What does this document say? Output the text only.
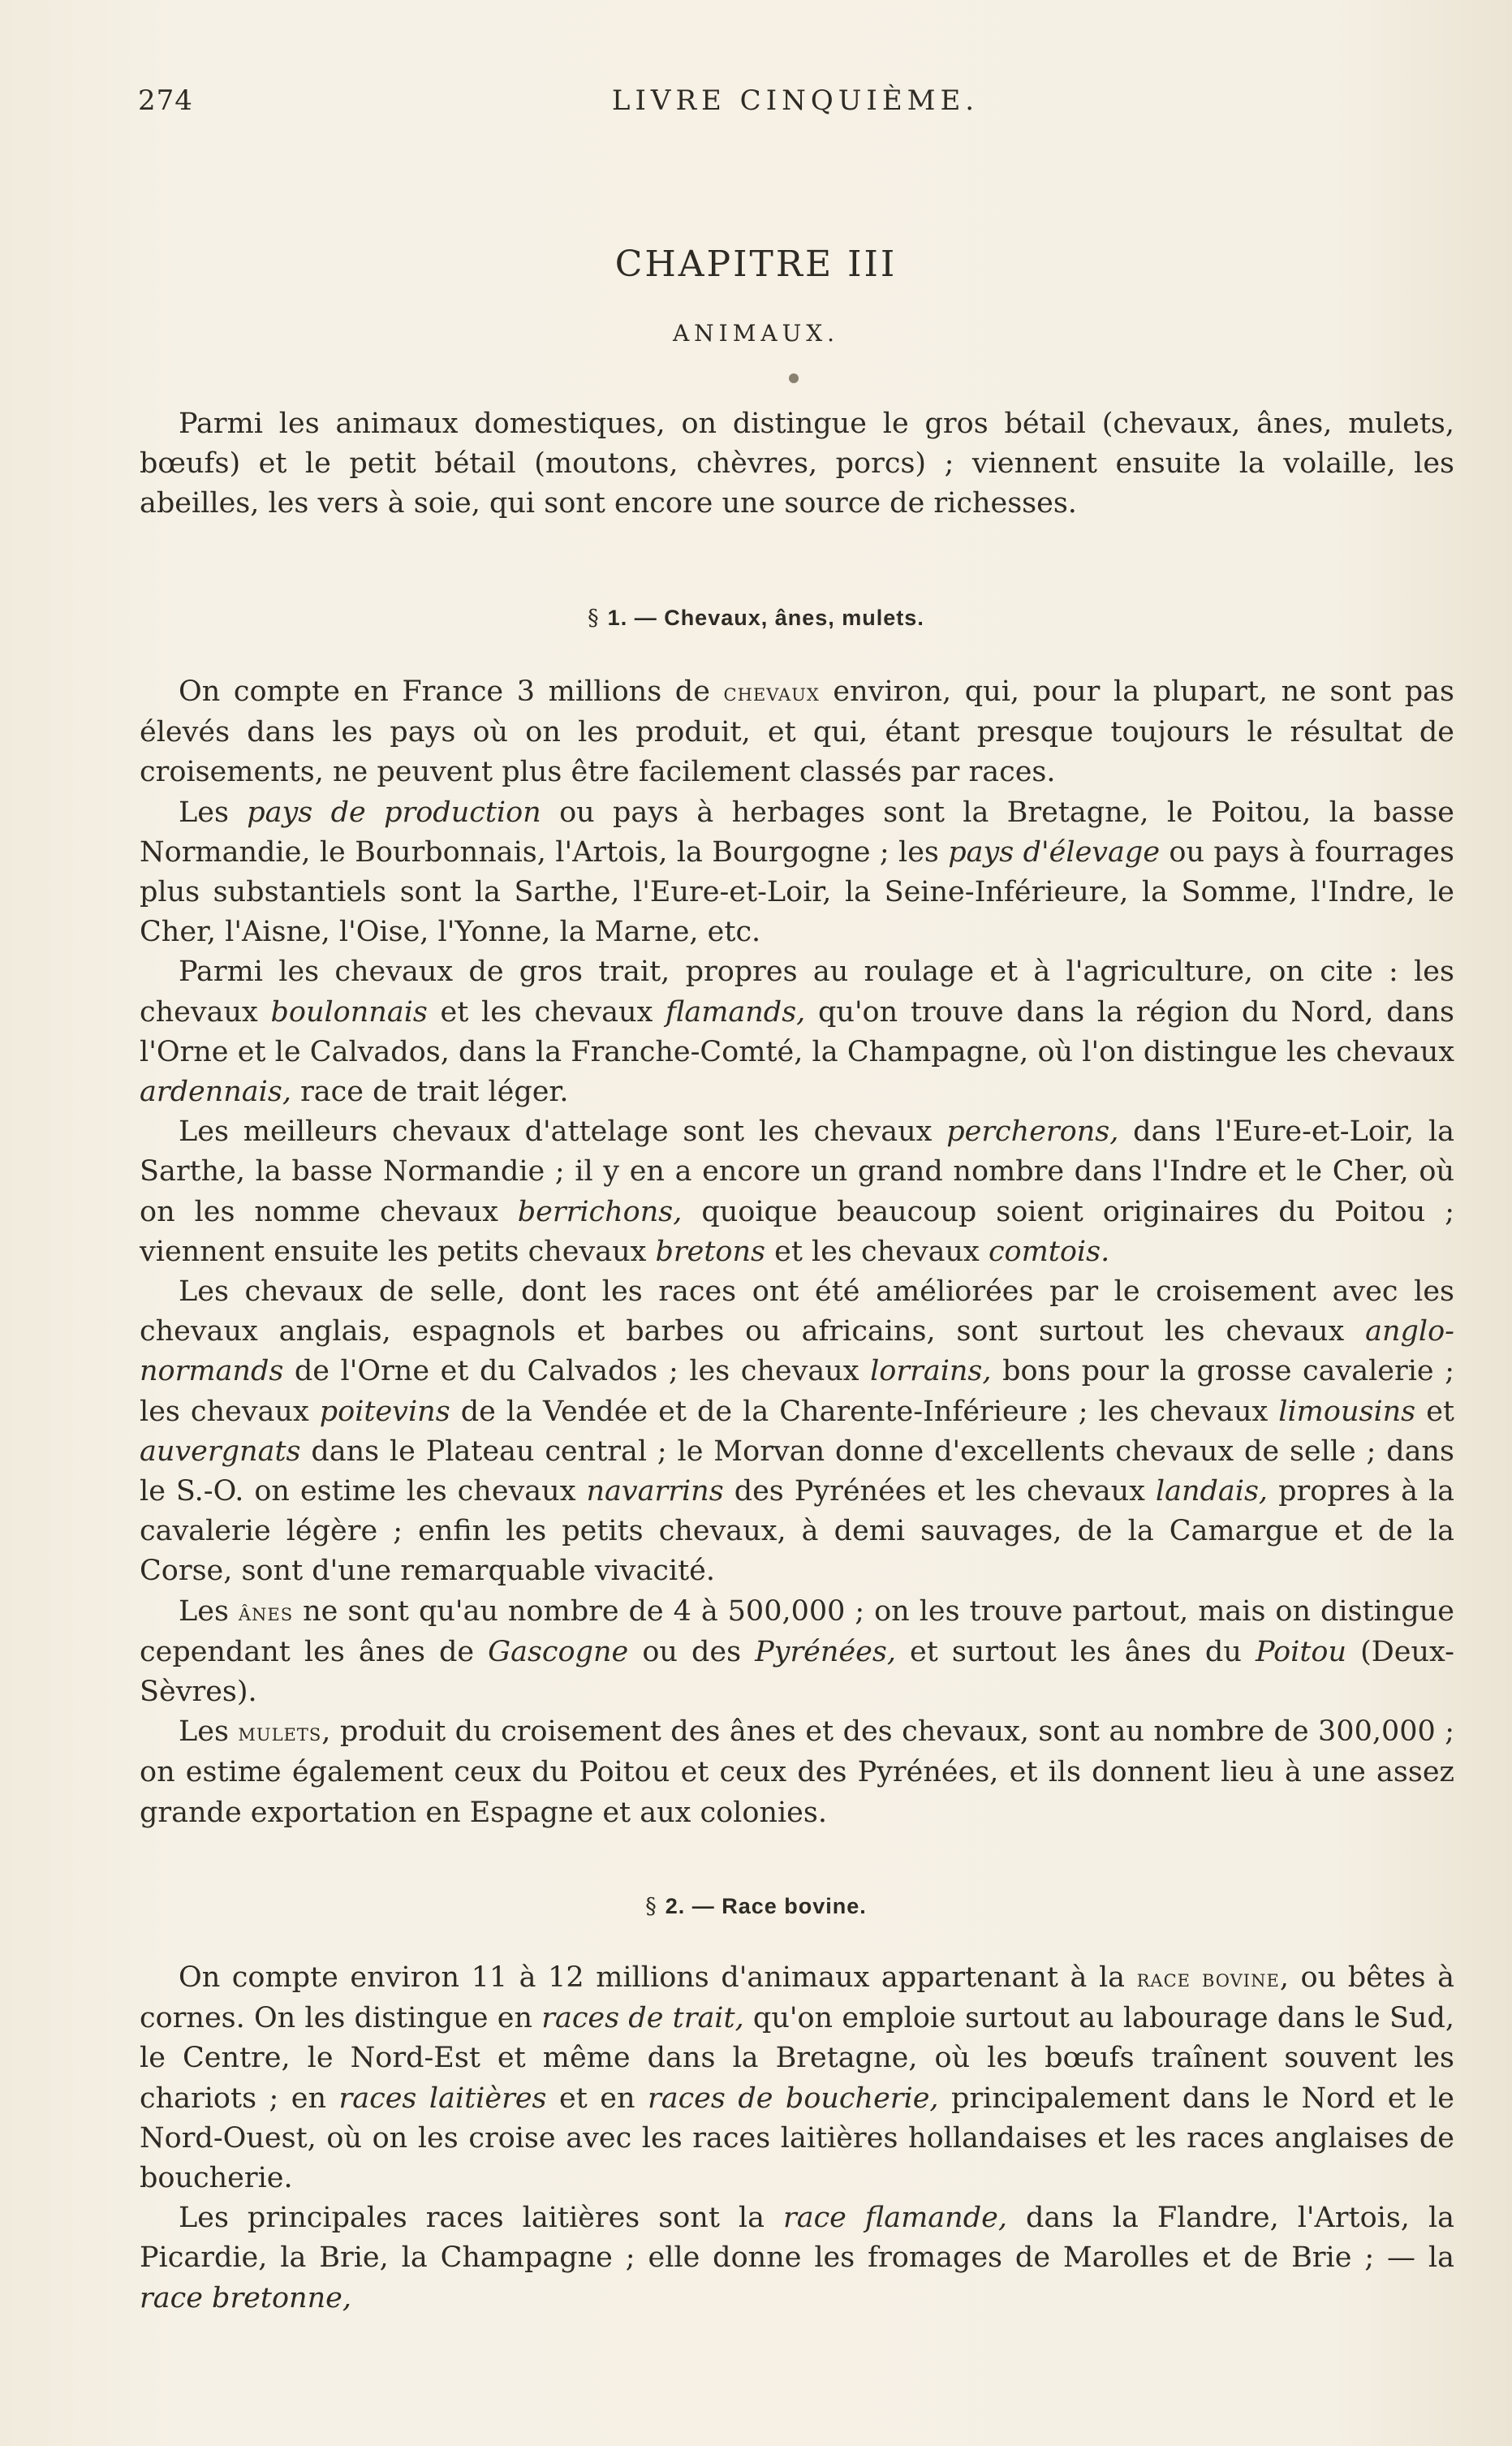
274	LIVRE CINQUIÈME.
CHAPITRE III
ANIMAUX.

Parmi les animaux domestiques, on distingue le gros bétail (chevaux, ânes, mulets, bœufs) et le petit bétail (moutons, chèvres, porcs) ; viennent ensuite la volaille, les abeilles, les vers à soie, qui sont encore une source de richesses.

§ 1. — Chevaux, ânes, mulets.

On compte en France 3 millions de chevaux environ, qui, pour la plupart, ne sont pas élevés dans les pays où on les produit, et qui, étant presque toujours le résultat de croisements, ne peuvent plus être facilement classés par races.

Les pays de production ou pays à herbages sont la Bretagne, le Poitou, la basse Normandie, le Bourbonnais, l'Artois, la Bourgogne ; les pays d'élevage ou pays à fourrages plus substantiels sont la Sarthe, l'Eure-et-Loir, la Seine-Inférieure, la Somme, l'Indre, le Cher, l'Aisne, l'Oise, l'Yonne, la Marne, etc.

Parmi les chevaux de gros trait, propres au roulage et à l'agriculture, on cite : les chevaux boulonnais et les chevaux flamands, qu'on trouve dans la région du Nord, dans l'Orne et le Calvados, dans la Franche-Comté, la Champagne, où l'on distingue les chevaux ardennais, race de trait léger.

Les meilleurs chevaux d'attelage sont les chevaux percherons, dans l'Eure-et-Loir, la Sarthe, la basse Normandie ; il y en a encore un grand nombre dans l'Indre et le Cher, où on les nomme chevaux berrichons, quoique beaucoup soient originaires du Poitou ; viennent ensuite les petits chevaux bretons et les chevaux comtois.

Les chevaux de selle, dont les races ont été améliorées par le croisement avec les chevaux anglais, espagnols et barbes ou africains, sont surtout les chevaux anglo-normands de l'Orne et du Calvados ; les chevaux lorrains, bons pour la grosse cavalerie ; les chevaux poitevins de la Vendée et de la Charente-Inférieure ; les chevaux limousins et auvergnats dans le Plateau central ; le Morvan donne d'excellents chevaux de selle ; dans le S.-O. on estime les chevaux navarrins des Pyrénées et les chevaux landais, propres à la cavalerie légère ; enfin les petits chevaux, à demi sauvages, de la Camargue et de la Corse, sont d'une remarquable vivacité.

Les ânes ne sont qu'au nombre de 4 à 500,000 ; on les trouve partout, mais on distingue cependant les ânes de Gascogne ou des Pyrénées, et surtout les ânes du Poitou (Deux-Sèvres).

Les mulets, produit du croisement des ânes et des chevaux, sont au nombre de 300,000 ; on estime également ceux du Poitou et ceux des Pyrénées, et ils donnent lieu à une assez grande exportation en Espagne et aux colonies.

§ 2. — Race bovine.

On compte environ 11 à 12 millions d'animaux appartenant à la race bovine, ou bêtes à cornes. On les distingue en races de trait, qu'on emploie surtout au labourage dans le Sud, le Centre, le Nord-Est et même dans la Bretagne, où les bœufs traînent souvent les chariots ; en races laitières et en races de boucherie, principalement dans le Nord et le Nord-Ouest, où on les croise avec les races laitières hollandaises et les races anglaises de boucherie.

Les principales races laitières sont la race flamande, dans la Flandre, l'Artois, la Picardie, la Brie, la Champagne ; elle donne les fromages de Marolles et de Brie ; — la race bretonne,
